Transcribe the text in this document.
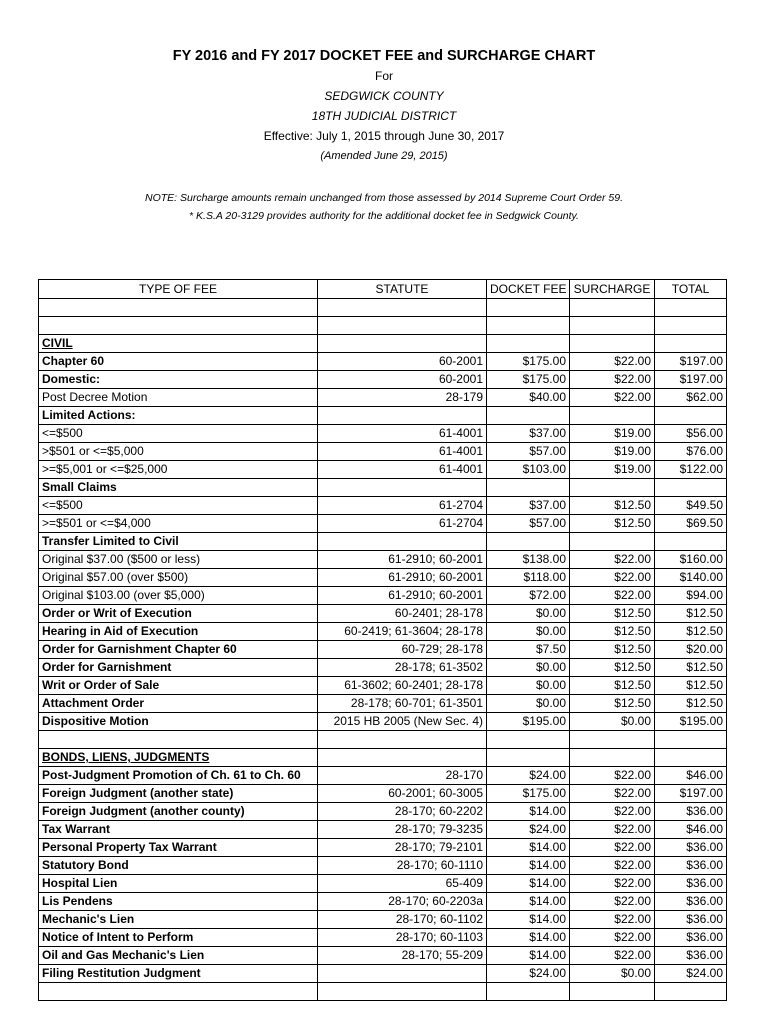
FY 2016 and FY 2017 DOCKET FEE and SURCHARGE CHART
For
SEDGWICK COUNTY
18TH JUDICIAL DISTRICT
Effective: July 1, 2015 through June 30, 2017
(Amended June 29, 2015)
NOTE: Surcharge amounts remain unchanged from those assessed by 2014 Supreme Court Order 59.
* K.S.A 20-3129 provides authority for the additional docket fee in Sedgwick County.
TYPE OF FEE	STATUTE	DOCKET FEE	SURCHARGE	TOTAL

CIVIL				
Chapter 60	60-2001	$175.00	$22.00	$197.00
Domestic:	60-2001	$175.00	$22.00	$197.00
Post Decree Motion	28-179	$40.00	$22.00	$62.00
Limited Actions:				
<=$500	61-4001	$37.00	$19.00	$56.00
>$501 or <=$5,000	61-4001	$57.00	$19.00	$76.00
>=$5,001 or <=$25,000	61-4001	$103.00	$19.00	$122.00
Small Claims				
<=$500	61-2704	$37.00	$12.50	$49.50
>=$501 or <=$4,000	61-2704	$57.00	$12.50	$69.50
Transfer Limited to Civil				
Original $37.00 ($500 or less)	61-2910; 60-2001	$138.00	$22.00	$160.00
Original $57.00 (over $500)	61-2910; 60-2001	$118.00	$22.00	$140.00
Original $103.00 (over $5,000)	61-2910; 60-2001	$72.00	$22.00	$94.00
Order or Writ of Execution	60-2401; 28-178	$0.00	$12.50	$12.50
Hearing in Aid of Execution	60-2419; 61-3604; 28-178	$0.00	$12.50	$12.50
Order for Garnishment Chapter 60	60-729; 28-178	$7.50	$12.50	$20.00
Order for Garnishment	28-178; 61-3502	$0.00	$12.50	$12.50
Writ or Order of Sale	61-3602; 60-2401; 28-178	$0.00	$12.50	$12.50
Attachment Order	28-178; 60-701; 61-3501	$0.00	$12.50	$12.50
Dispositive Motion	2015 HB 2005 (New Sec. 4)	$195.00	$0.00	$195.00

BONDS, LIENS, JUDGMENTS				
Post-Judgment Promotion of Ch. 61 to Ch. 60	28-170	$24.00	$22.00	$46.00
Foreign Judgment (another state)	60-2001; 60-3005	$175.00	$22.00	$197.00
Foreign Judgment (another county)	28-170; 60-2202	$14.00	$22.00	$36.00
Tax Warrant	28-170; 79-3235	$24.00	$22.00	$46.00
Personal Property Tax Warrant	28-170; 79-2101	$14.00	$22.00	$36.00
Statutory Bond	28-170; 60-1110	$14.00	$22.00	$36.00
Hospital Lien	65-409	$14.00	$22.00	$36.00
Lis Pendens	28-170; 60-2203a	$14.00	$22.00	$36.00
Mechanic's Lien	28-170; 60-1102	$14.00	$22.00	$36.00
Notice of Intent to Perform	28-170; 60-1103	$14.00	$22.00	$36.00
Oil and Gas Mechanic's Lien	28-170; 55-209	$14.00	$22.00	$36.00
Filing Restitution Judgment		$24.00	$0.00	$24.00
